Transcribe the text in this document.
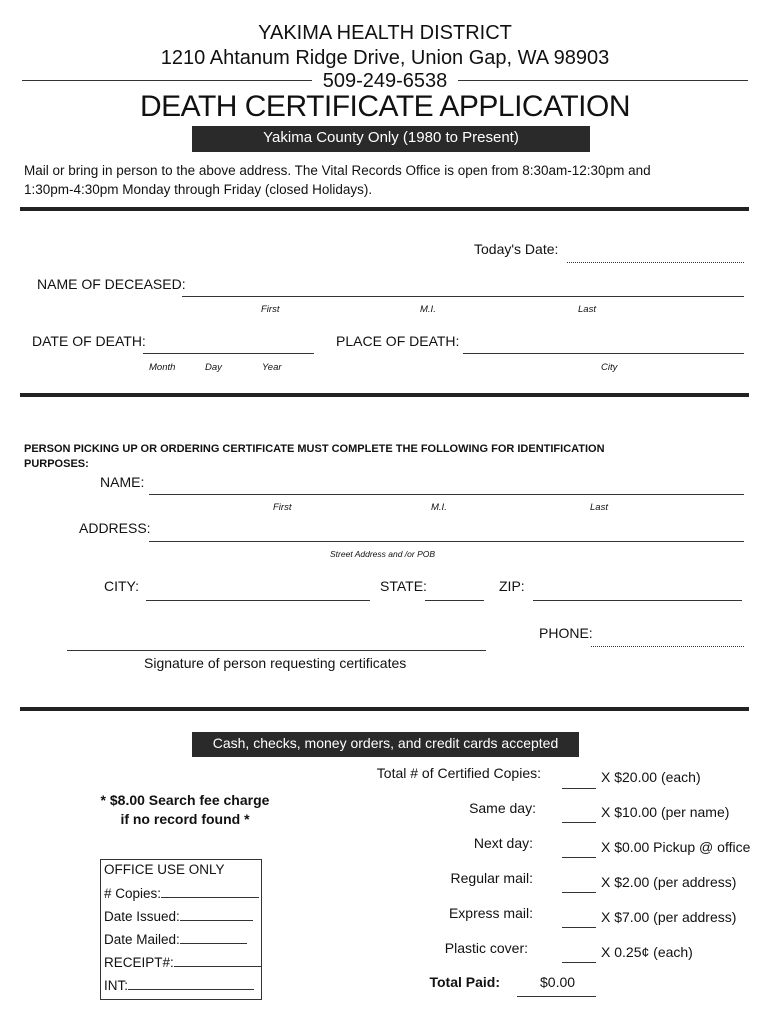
YAKIMA HEALTH DISTRICT
1210 Ahtanum Ridge Drive, Union Gap, WA 98903
509-249-6538
DEATH CERTIFICATE APPLICATION
Yakima County Only (1980 to Present)
Mail or bring in person to the above address. The Vital Records Office is open from 8:30am-12:30pm and
1:30pm-4:30pm Monday through Friday (closed Holidays).
Today's Date:
NAME OF DECEASED:
First	M.I.	Last
DATE OF DEATH:	PLACE OF DEATH:
Month	Day	Year	City
PERSON PICKING UP OR ORDERING CERTIFICATE MUST COMPLETE THE FOLLOWING FOR IDENTIFICATION
PURPOSES:
NAME:
First	M.I.	Last
ADDRESS:
Street Address and /or POB
CITY:	STATE:	ZIP:
PHONE:
Signature of person requesting certificates
Cash, checks, money orders, and credit cards accepted
* $8.00 Search fee charge
if no record found *
Total # of Certified Copies:	X $20.00 (each)
Same day:	X $10.00 (per name)
Next day:	X $0.00 Pickup @ office
Regular mail:	X $2.00 (per address)
Express mail:	X $7.00 (per address)
Plastic cover:	X 0.25¢ (each)
Total Paid:	$0.00
OFFICE USE ONLY
# Copies:
Date Issued:
Date Mailed:
RECEIPT#:
INT:
